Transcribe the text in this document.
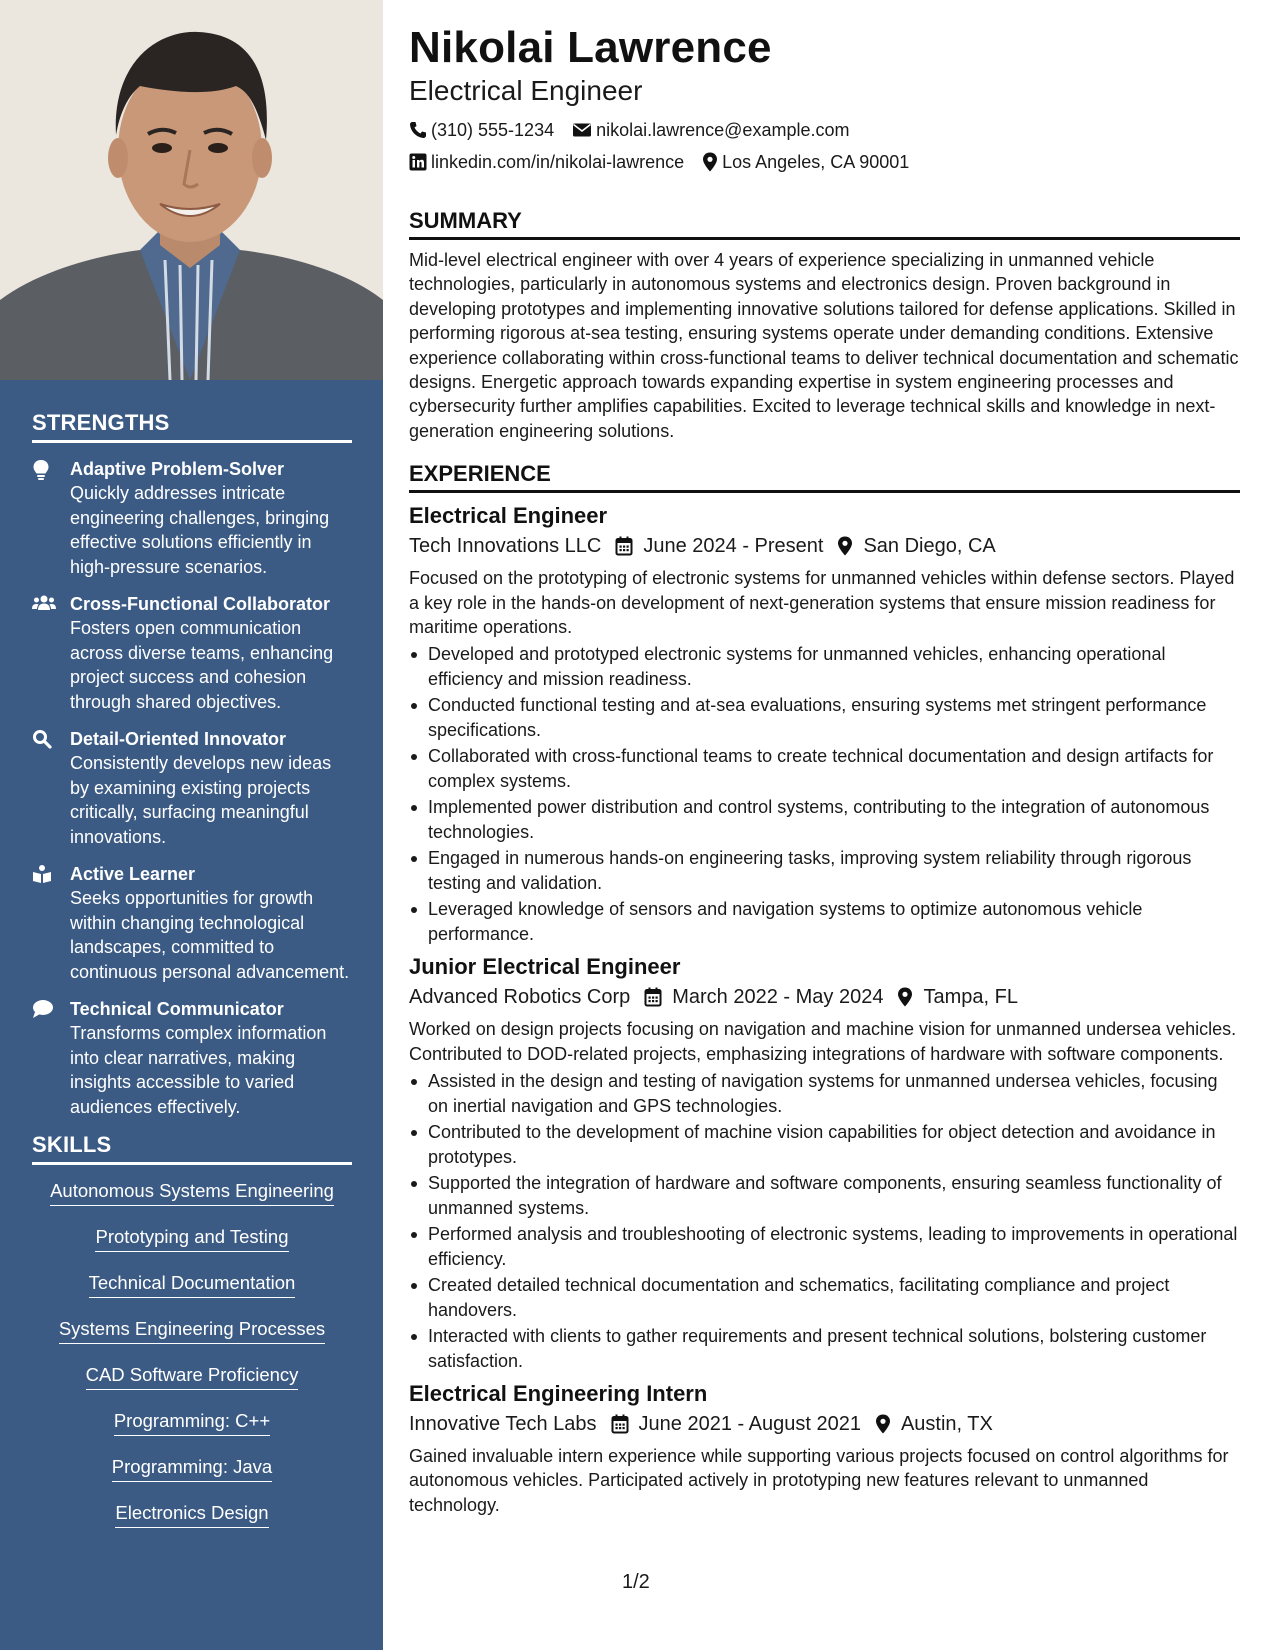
STRENGTHS
Adaptive Problem-Solver
Quickly addresses intricate engineering challenges, bringing effective solutions efficiently in high-pressure scenarios.
Cross-Functional Collaborator
Fosters open communication across diverse teams, enhancing project success and cohesion through shared objectives.
Detail-Oriented Innovator
Consistently develops new ideas by examining existing projects critically, surfacing meaningful innovations.
Active Learner
Seeks opportunities for growth within changing technological landscapes, committed to continuous personal advancement.
Technical Communicator
Transforms complex information into clear narratives, making insights accessible to varied audiences effectively.
SKILLS
Autonomous Systems Engineering
Prototyping and Testing
Technical Documentation
Systems Engineering Processes
CAD Software Proficiency
Programming: C++
Programming: Java
Electronics Design
Nikolai Lawrence
Electrical Engineer
(310) 555-1234 nikolai.lawrence@example.com
linkedin.com/in/nikolai-lawrence Los Angeles, CA 90001
SUMMARY
Mid-level electrical engineer with over 4 years of experience specializing in unmanned vehicle technologies, particularly in autonomous systems and electronics design. Proven background in developing prototypes and implementing innovative solutions tailored for defense applications. Skilled in performing rigorous at-sea testing, ensuring systems operate under demanding conditions. Extensive experience collaborating within cross-functional teams to deliver technical documentation and schematic designs. Energetic approach towards expanding expertise in system engineering processes and cybersecurity further amplifies capabilities. Excited to leverage technical skills and knowledge in next-generation engineering solutions.
EXPERIENCE
Electrical Engineer
Tech Innovations LLC June 2024 - Present San Diego, CA
Focused on the prototyping of electronic systems for unmanned vehicles within defense sectors. Played a key role in the hands-on development of next-generation systems that ensure mission readiness for maritime operations.
Developed and prototyped electronic systems for unmanned vehicles, enhancing operational efficiency and mission readiness.
Conducted functional testing and at-sea evaluations, ensuring systems met stringent performance specifications.
Collaborated with cross-functional teams to create technical documentation and design artifacts for complex systems.
Implemented power distribution and control systems, contributing to the integration of autonomous technologies.
Engaged in numerous hands-on engineering tasks, improving system reliability through rigorous testing and validation.
Leveraged knowledge of sensors and navigation systems to optimize autonomous vehicle performance.
Junior Electrical Engineer
Advanced Robotics Corp March 2022 - May 2024 Tampa, FL
Worked on design projects focusing on navigation and machine vision for unmanned undersea vehicles. Contributed to DOD-related projects, emphasizing integrations of hardware with software components.
Assisted in the design and testing of navigation systems for unmanned undersea vehicles, focusing on inertial navigation and GPS technologies.
Contributed to the development of machine vision capabilities for object detection and avoidance in prototypes.
Supported the integration of hardware and software components, ensuring seamless functionality of unmanned systems.
Performed analysis and troubleshooting of electronic systems, leading to improvements in operational efficiency.
Created detailed technical documentation and schematics, facilitating compliance and project handovers.
Interacted with clients to gather requirements and present technical solutions, bolstering customer satisfaction.
Electrical Engineering Intern
Innovative Tech Labs June 2021 - August 2021 Austin, TX
Gained invaluable intern experience while supporting various projects focused on control algorithms for autonomous vehicles. Participated actively in prototyping new features relevant to unmanned technology.
1/2
